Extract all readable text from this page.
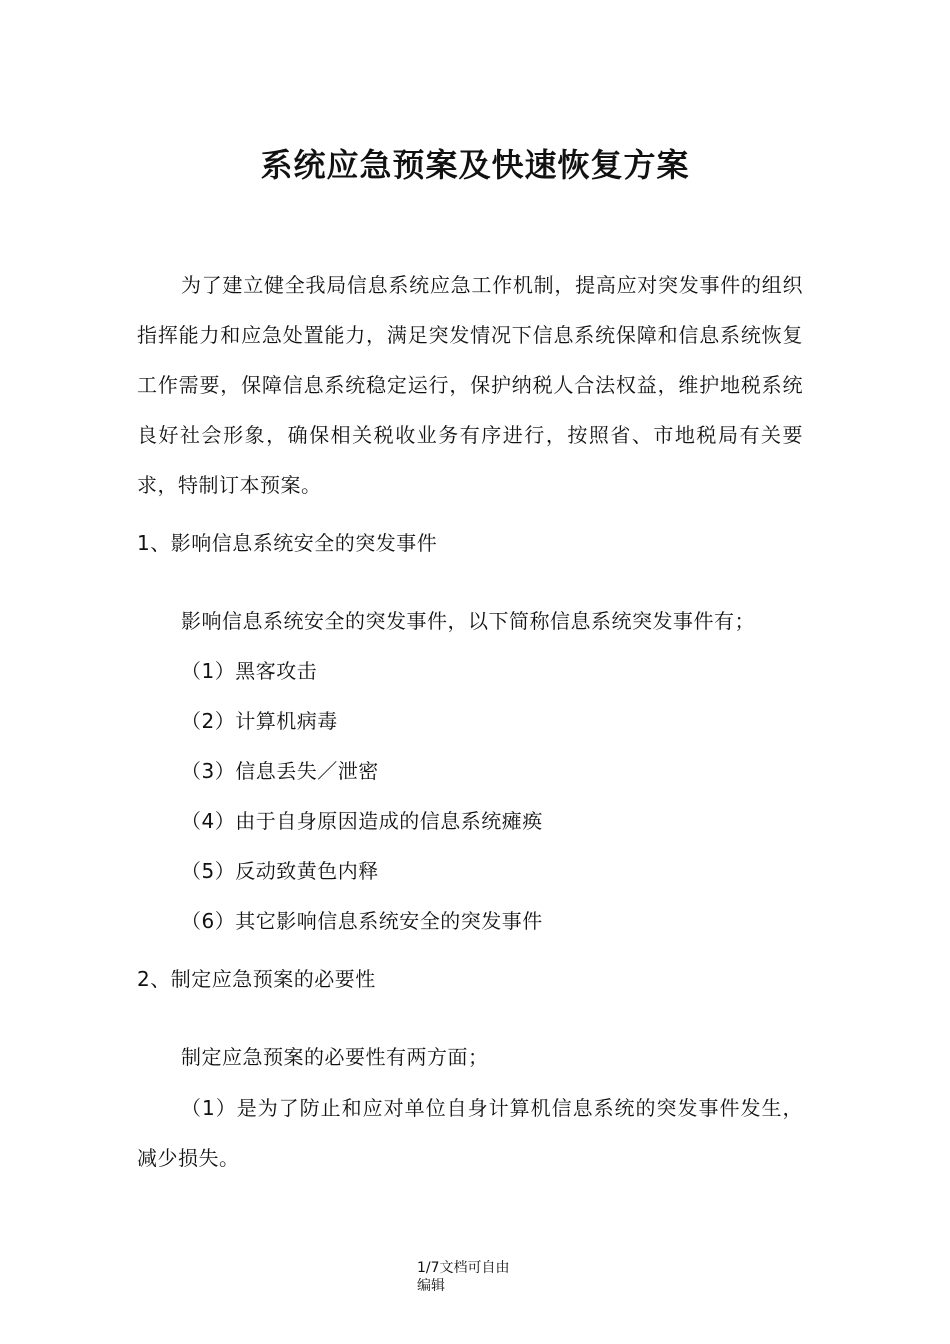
系统应急预案及快速恢复方案
为了建立健全我局信息系统应急工作机制，提高应对突发事件的组织指挥能力和应急处置能力，满足突发情况下信息系统保障和信息系统恢复工作需要，保障信息系统稳定运行，保护纳税人合法权益，维护地税系统良好社会形象，确保相关税收业务有序进行，按照省、市地税局有关要求，特制订本预案。
1、影响信息系统安全的突发事件
影响信息系统安全的突发事件，以下简称信息系统突发事件有；
（1）黑客攻击
（2）计算机病毒
（3）信息丢失／泄密
（4）由于自身原因造成的信息系统瘫痪
（5）反动致黄色内释
（6）其它影响信息系统安全的突发事件
2、制定应急预案的必要性
制定应急预案的必要性有两方面；
（1）是为了防止和应对单位自身计算机信息系统的突发事件发生，减少损失。
1/7文档可自由
编辑
